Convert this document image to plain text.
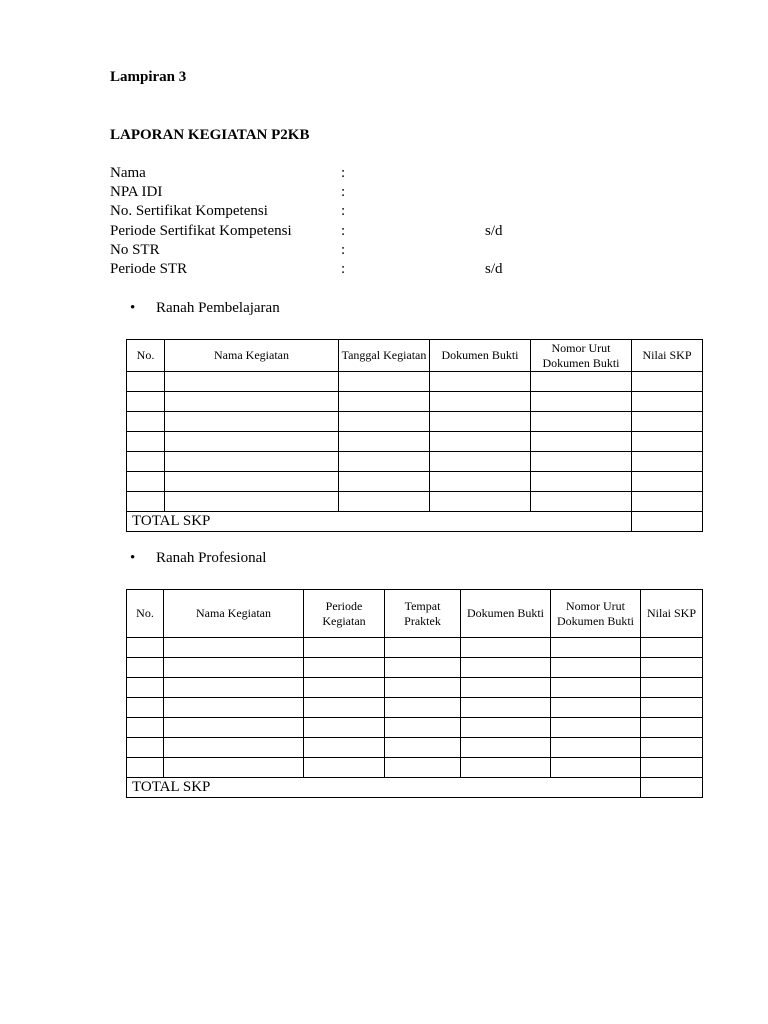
Lampiran 3
LAPORAN KEGIATAN P2KB
Nama	:
NPA IDI	:
No. Sertifikat Kompetensi	:
Periode Sertifikat Kompetensi	:	s/d
No STR	:
Periode STR	:	s/d
• Ranah Pembelajaran
No.	Nama Kegiatan	Tanggal Kegiatan	Dokumen Bukti	Nomor Urut Dokumen Bukti	Nilai SKP

TOTAL SKP					
• Ranah Profesional
No.	Nama Kegiatan	Periode Kegiatan	Tempat Praktek	Dokumen Bukti	Nomor Urut Dokumen Bukti	Nilai SKP

TOTAL SKP						
